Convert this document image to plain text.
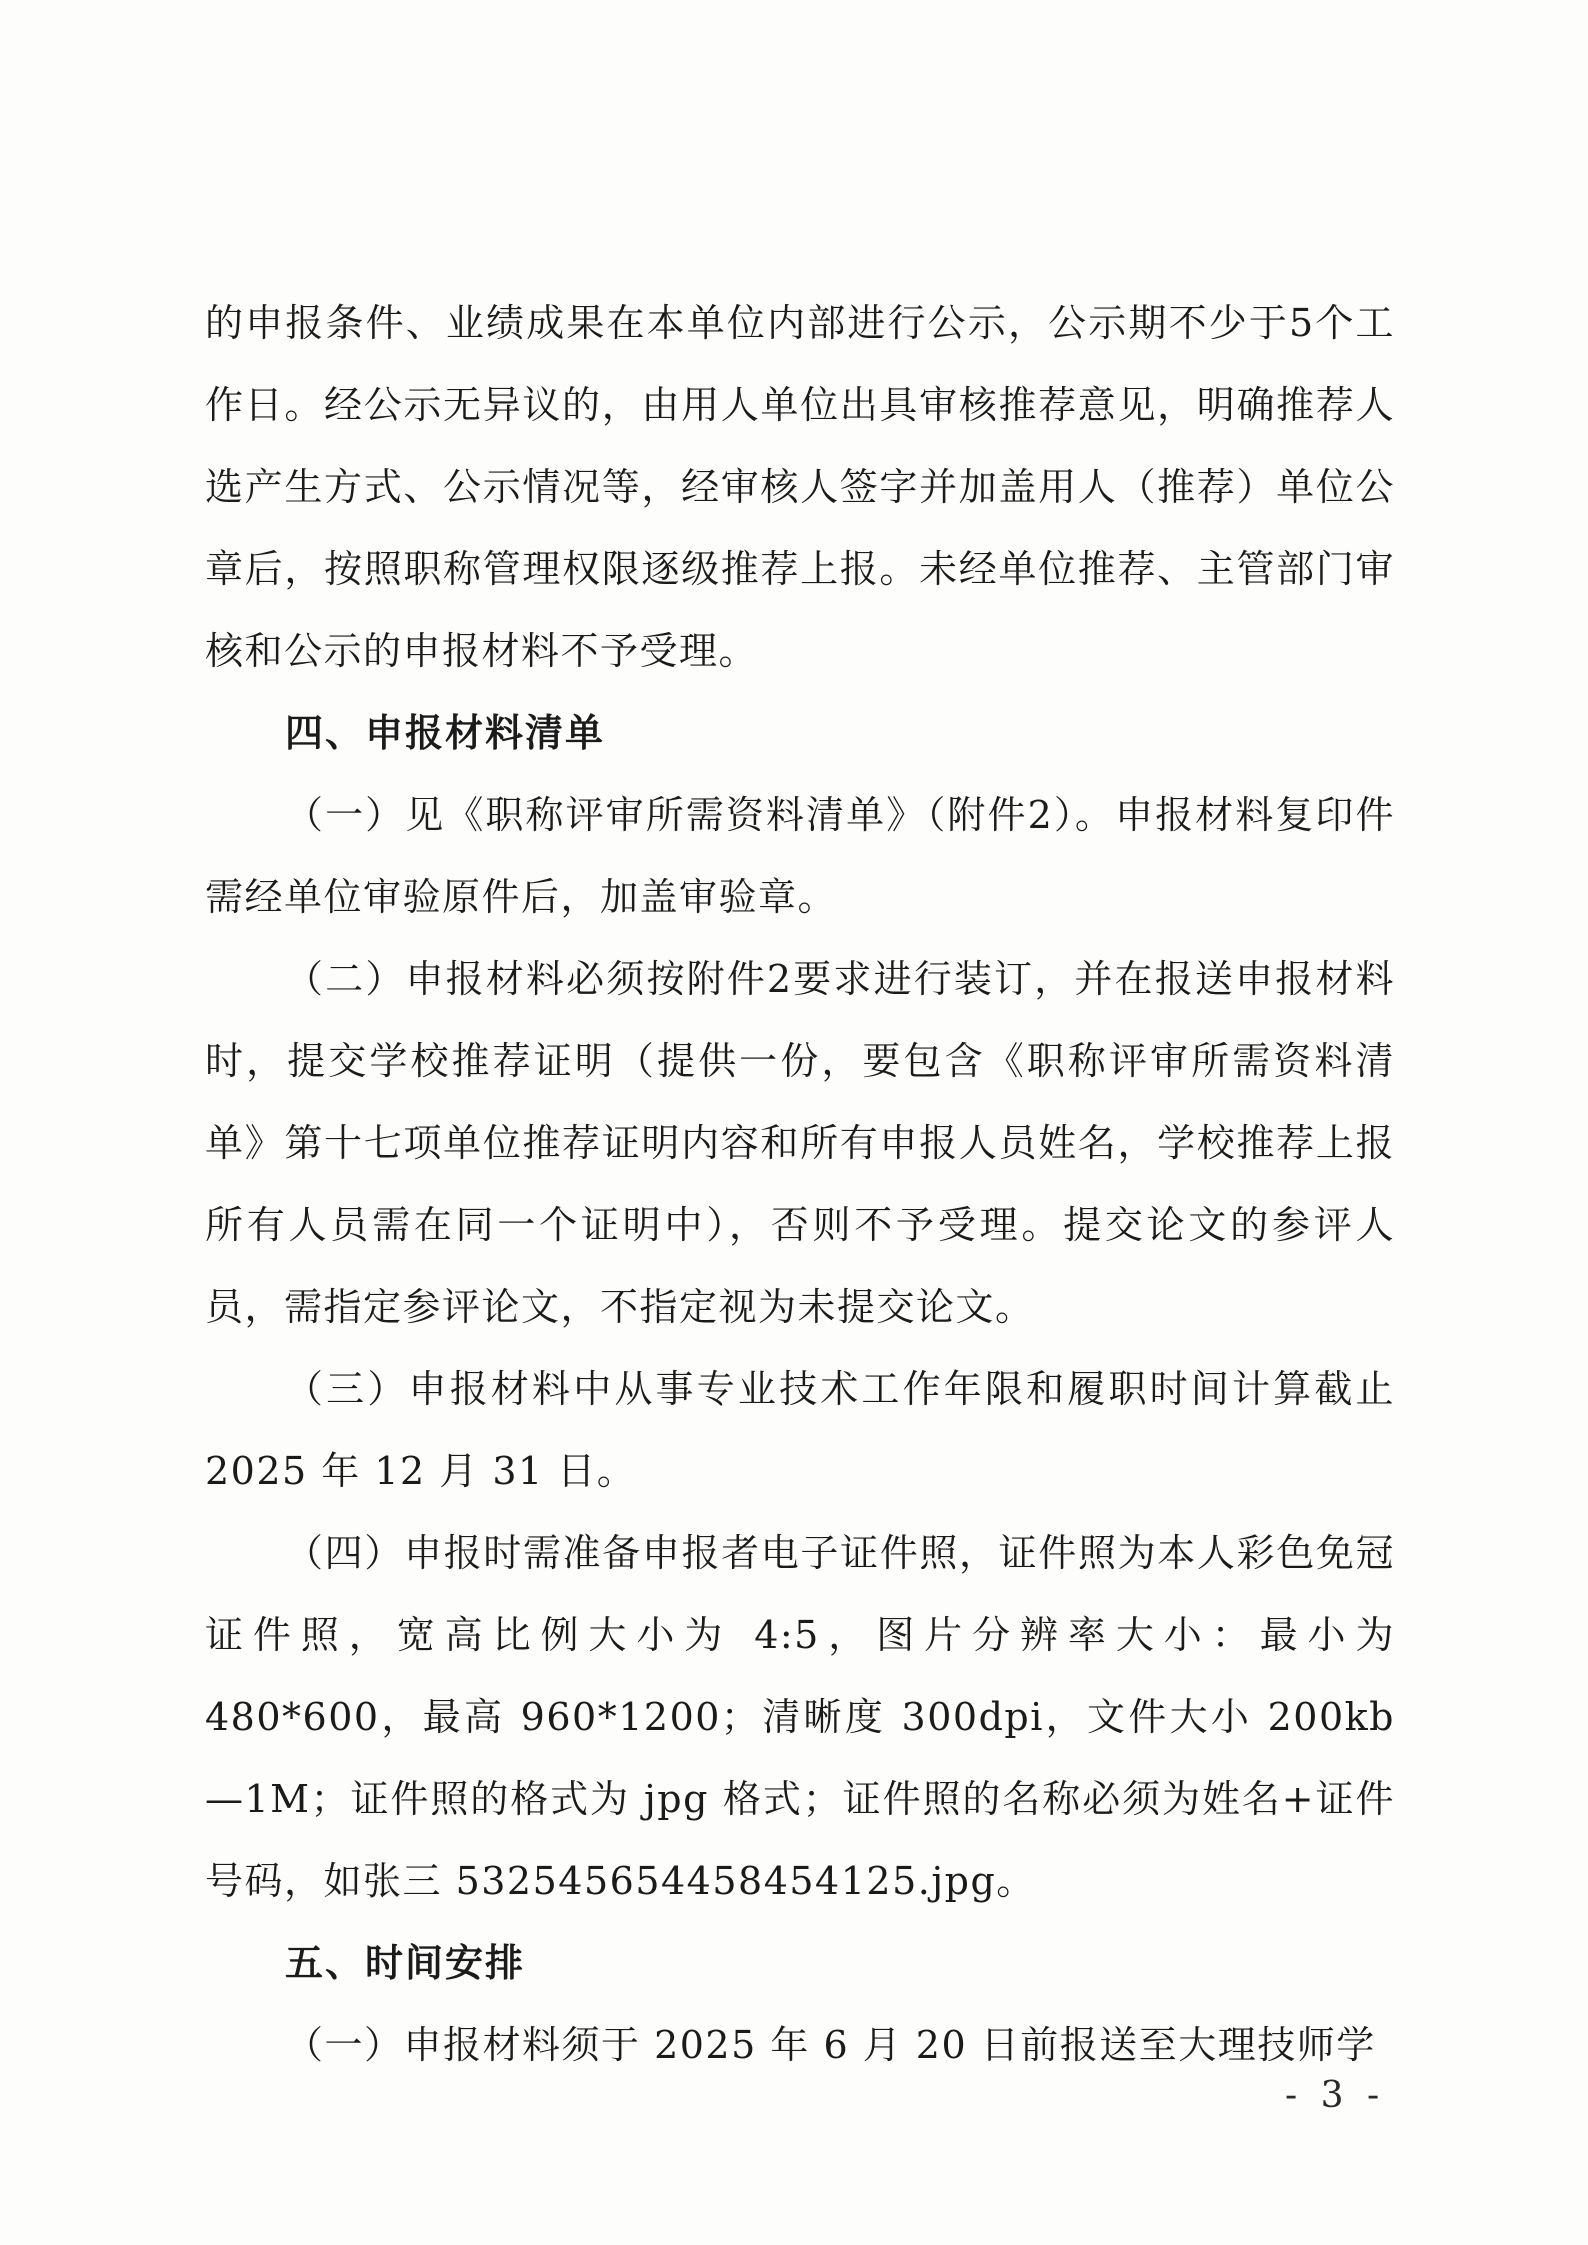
的申报条件、业绩成果在本单位内部进行公示，公示期不少于5个工作日。经公示无异议的，由用人单位出具审核推荐意见，明确推荐人选产生方式、公示情况等，经审核人签字并加盖用人（推荐）单位公章后，按照职称管理权限逐级推荐上报。未经单位推荐、主管部门审核和公示的申报材料不予受理。

四、申报材料清单

（一）见《职称评审所需资料清单》（附件2）。申报材料复印件需经单位审验原件后，加盖审验章。

（二）申报材料必须按附件2要求进行装订，并在报送申报材料时，提交学校推荐证明（提供一份，要包含《职称评审所需资料清单》第十七项单位推荐证明内容和所有申报人员姓名，学校推荐上报所有人员需在同一个证明中），否则不予受理。提交论文的参评人员，需指定参评论文，不指定视为未提交论文。

（三）申报材料中从事专业技术工作年限和履职时间计算截止 2025 年 12 月 31 日。

（四）申报时需准备申报者电子证件照，证件照为本人彩色免冠证件照，宽高比例大小为 4:5，图片分辨率大小：最小为 480*600，最高 960*1200；清晰度 300dpi，文件大小 200kb—1M；证件照的格式为 jpg 格式；证件照的名称必须为姓名+证件号码，如张三 532545654458454125.jpg。

五、时间安排

（一）申报材料须于 2025 年 6 月 20 日前报送至大理技师学

- 3 -
